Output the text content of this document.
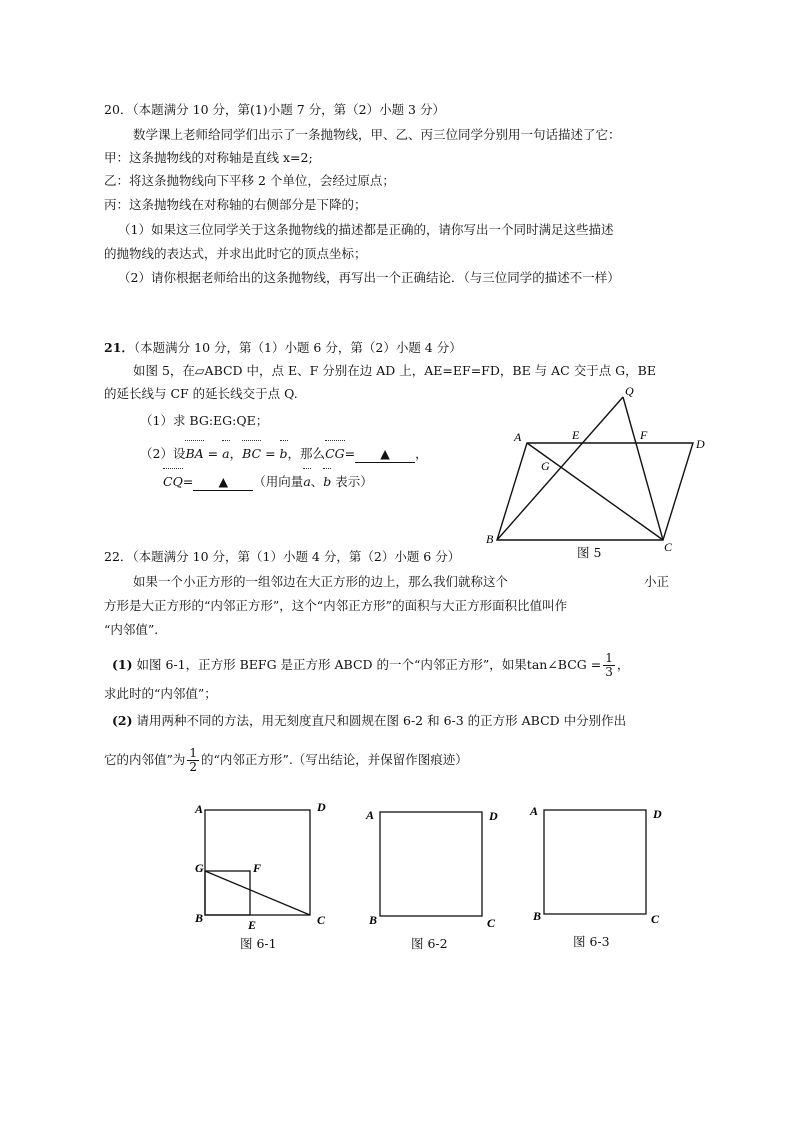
20．（本题满分 10 分，第(1)小题 7 分，第（2）小题 3 分）
数学课上老师给同学们出示了一条抛物线，甲、乙、丙三位同学分别用一句话描述了它：
甲：这条抛物线的对称轴是直线 x=2;
乙：将这条抛物线向下平移 2 个单位，会经过原点；
丙：这条抛物线在对称轴的右侧部分是下降的；
（1）如果这三位同学关于这条抛物线的描述都是正确的，请你写出一个同时满足这些描述
的抛物线的表达式，并求出此时它的顶点坐标；
（2）请你根据老师给出的这条抛物线，再写出一个正确结论．（与三位同学的描述不一样）
21．（本题满分 10 分，第（1）小题 6 分，第（2）小题 4 分）
如图 5，在▱ABCD 中，点 E、F 分别在边 AD 上，AE=EF=FD，BE 与 AC 交于点 G，BE
的延长线与 CF 的延长线交于点 Q.
（1）求 BG:EG:QE；
（2）设BA = a，BC = b，那么CG= ▲ ，
CQ= ▲ （用向量a、b 表示）
Q
A	E	F
D
G
B
C
图 5
22．（本题满分 10 分，第（1）小题 4 分，第（2）小题 6 分）
如果一个小正方形的一组邻边在大正方形的边上，那么我们就称这个	小正
方形是大正方形的“内邻正方形”，这个“内邻正方形”的面积与大正方形面积比值叫作
“内邻值”.
(1) 如图 6-1，正方形 BEFG 是正方形 ABCD 的一个“内邻正方形”，如果tan∠BCG = $\frac{1}{3}$ ，
求此时的“内邻值”；
(2) 请用两种不同的方法，用无刻度直尺和圆规在图 6-2 和 6-3 的正方形 ABCD 中分别作出
它的内邻值”为 $\frac{1}{2}$ 的“内邻正方形”.（写出结论，并保留作图痕迹）
A	D
G	F
B	E	C
图 6-1
A	D
B	C
图 6-2
A	D
B	C
图 6-3
